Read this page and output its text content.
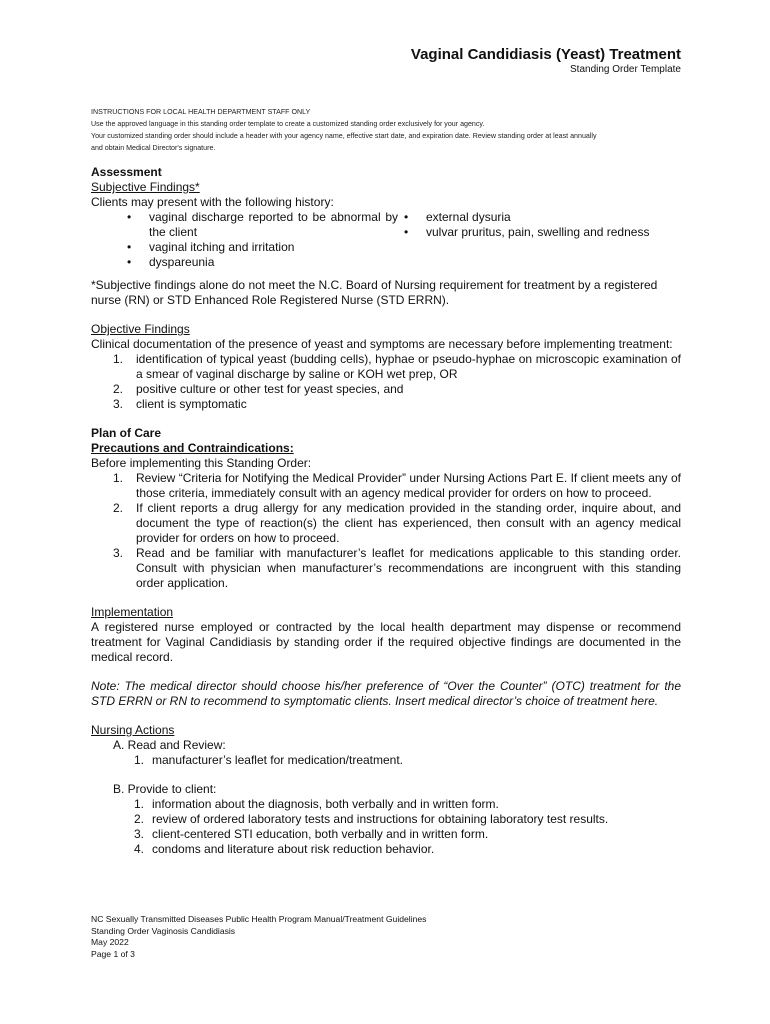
Vaginal Candidiasis (Yeast) Treatment
Standing Order Template
INSTRUCTIONS FOR LOCAL HEALTH DEPARTMENT STAFF ONLY
Use the approved language in this standing order template to create a customized standing order exclusively for your agency.
Your customized standing order should include a header with your agency name, effective start date, and expiration date. Review standing order at least annually
and obtain Medical Director's signature.

Assessment

Subjective Findings*

Clients may present with the following history:

• vaginal discharge reported to be abnormal by the client
• vaginal itching and irritation
• dyspareunia
• external dysuria
• vulvar pruritus, pain, swelling and redness

*Subjective findings alone do not meet the N.C. Board of Nursing requirement for treatment by a registered nurse (RN) or STD Enhanced Role Registered Nurse (STD ERRN).

Objective Findings

Clinical documentation of the presence of yeast and symptoms are necessary before implementing treatment:

1. identification of typical yeast (budding cells), hyphae or pseudo-hyphae on microscopic examination of a smear of vaginal discharge by saline or KOH wet prep, OR
2. positive culture or other test for yeast species, and
3. client is symptomatic

Plan of Care

Precautions and Contraindications:

Before implementing this Standing Order:

1. Review “Criteria for Notifying the Medical Provider” under Nursing Actions Part E. If client meets any of those criteria, immediately consult with an agency medical provider for orders on how to proceed.
2. If client reports a drug allergy for any medication provided in the standing order, inquire about, and document the type of reaction(s) the client has experienced, then consult with an agency medical provider for orders on how to proceed.
3. Read and be familiar with manufacturer’s leaflet for medications applicable to this standing order. Consult with physician when manufacturer’s recommendations are incongruent with this standing order application.

Implementation

A registered nurse employed or contracted by the local health department may dispense or recommend treatment for Vaginal Candidiasis by standing order if the required objective findings are documented in the medical record.

Note: The medical director should choose his/her preference of “Over the Counter” (OTC) treatment for the STD ERRN or RN to recommend to symptomatic clients. Insert medical director’s choice of treatment here.

Nursing Actions

A. Read and Review:

1. manufacturer’s leaflet for medication/treatment.

B. Provide to client:

1. information about the diagnosis, both verbally and in written form.
2. review of ordered laboratory tests and instructions for obtaining laboratory test results.
3. client-centered STI education, both verbally and in written form.
4. condoms and literature about risk reduction behavior.
NC Sexually Transmitted Diseases Public Health Program Manual/Treatment Guidelines
Standing Order Vaginosis Candidiasis
May 2022
Page 1 of 3
